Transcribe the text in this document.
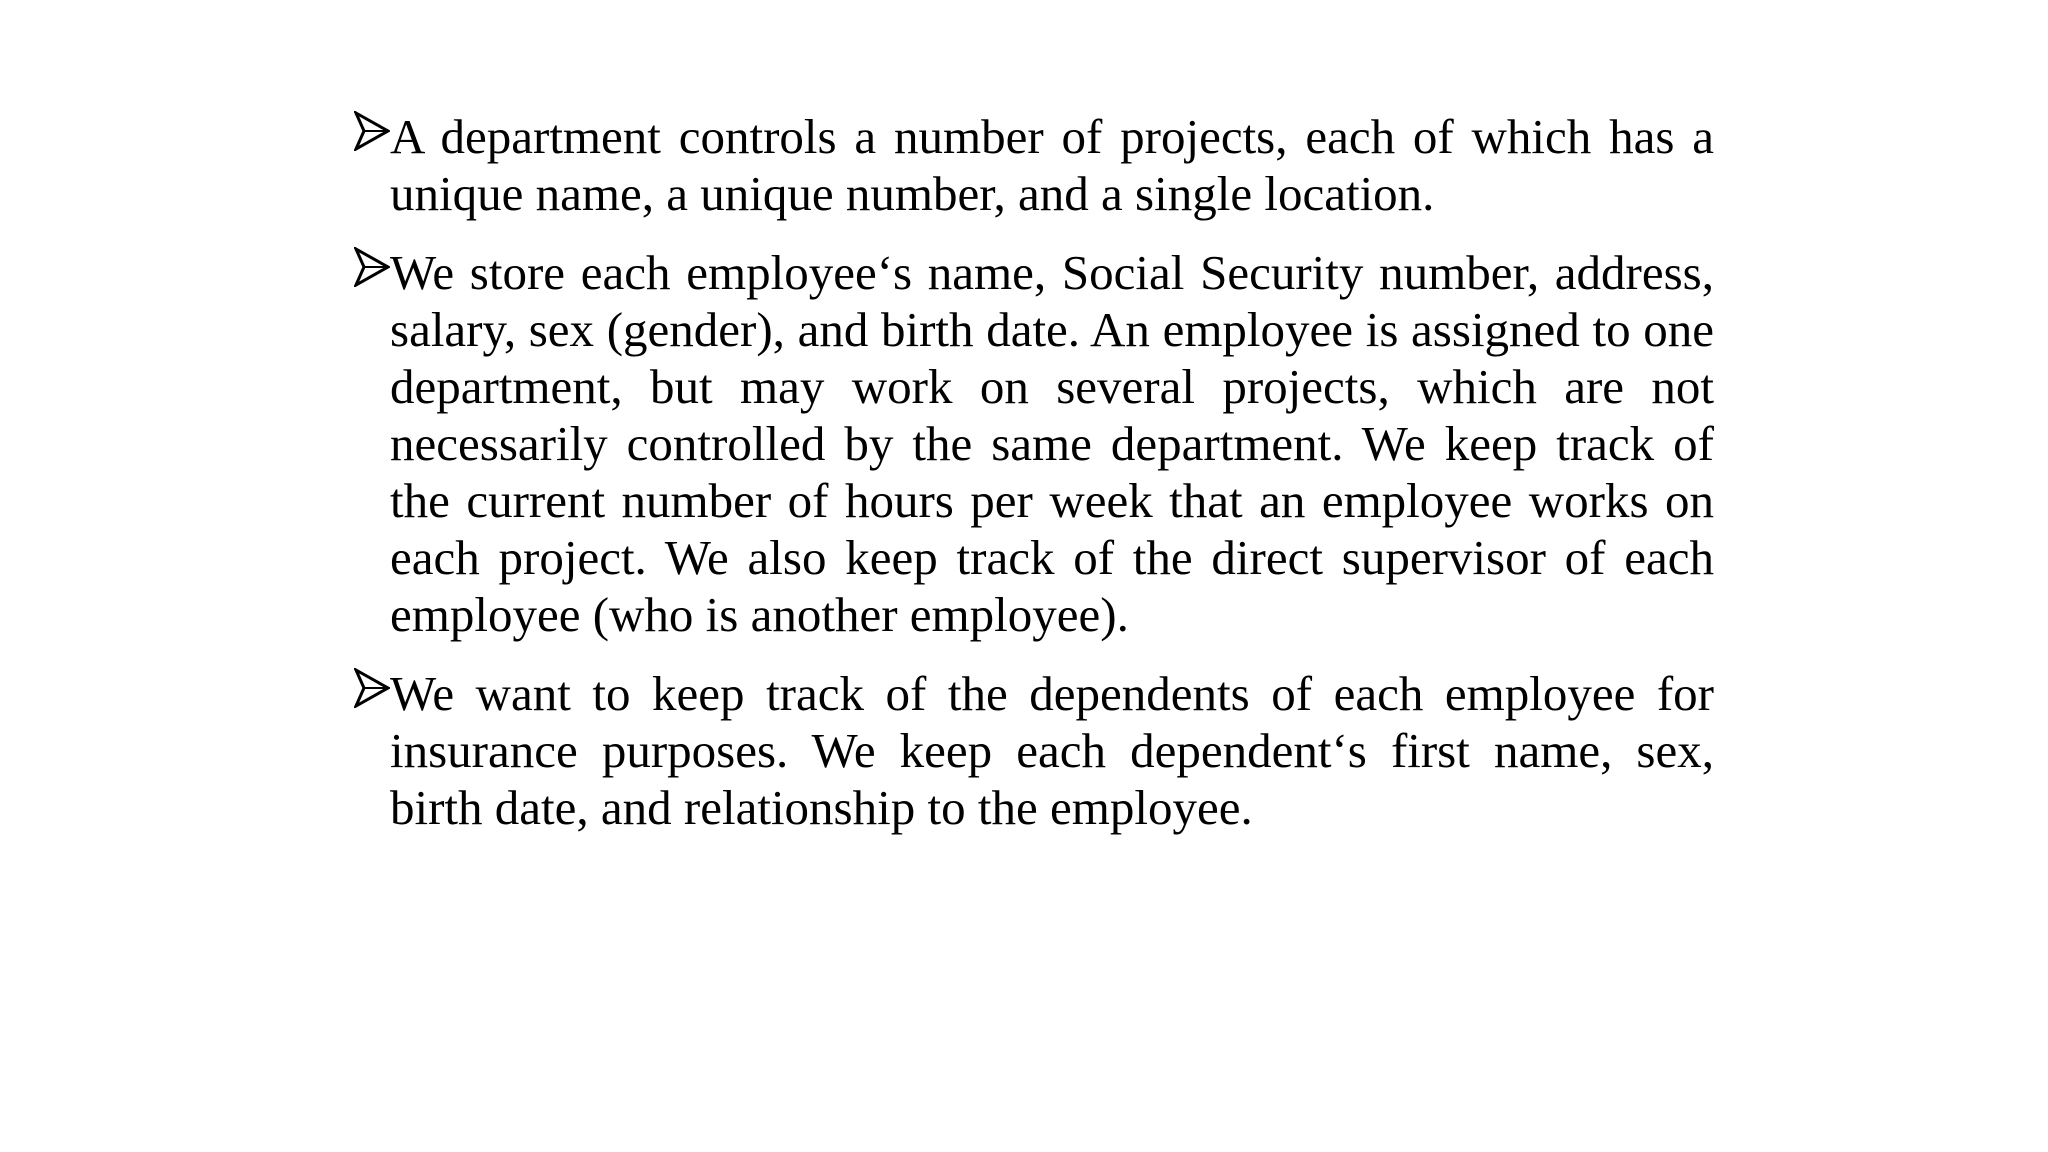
A department controls a number of projects, each of which has a unique name, a unique number, and a single location.
We store each employee‘s name, Social Security number, address, salary, sex (gender), and birth date. An employee is assigned to one department, but may work on several projects, which are not necessarily controlled by the same department. We keep track of the current number of hours per week that an employee works on each project. We also keep track of the direct supervisor of each employee (who is another employee).
We want to keep track of the dependents of each employee for insurance purposes. We keep each dependent‘s first name, sex, birth date, and relationship to the employee.
